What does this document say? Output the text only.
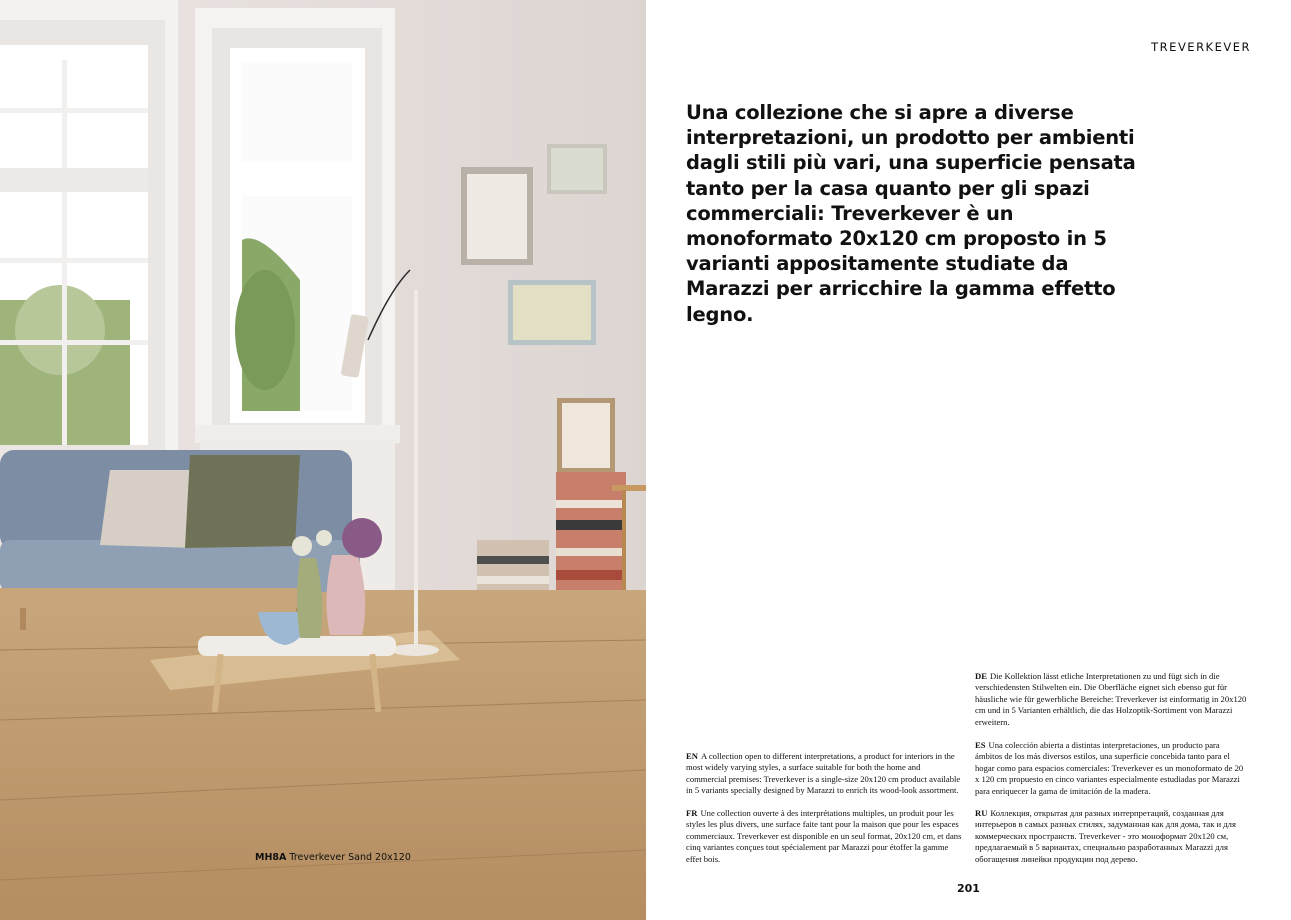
MH8A Treverkever Sand 20x120
TREVERKEVER

Una collezione che si apre a diverse interpretazioni, un prodotto per ambienti dagli stili più vari, una superficie pensata tanto per la casa quanto per gli spazi commerciali: Treverkever è un monoformato 20x120 cm proposto in 5 varianti appositamente studiate da Marazzi per arricchire la gamma effetto legno.

DE Die Kollektion lässt etliche Interpretationen zu und fügt sich in die verschiedensten Stilwelten ein. Die Oberfläche eignet sich ebenso gut für häusliche wie für gewerbliche Bereiche: Treverkever ist einformatig in 20x120 cm und in 5 Varianten erhältlich, die das Holzoptik-Sortiment von Marazzi erweitern.

ES Una colección abierta a distintas interpretaciones, un producto para ámbitos de los más diversos estilos, una superficie concebida tanto para el hogar como para espacios comerciales: Treverkever es un monoformato de 20 x 120 cm propuesto en cinco variantes especialmente estudiadas por Marazzi para enriquecer la gama de imitación de la madera.

EN A collection open to different interpretations, a product for interiors in the most widely varying styles, a surface suitable for both the home and commercial premises: Treverkever is a single-size 20x120 cm product available in 5 variants specially designed by Marazzi to enrich its wood-look assortment.

FR Une collection ouverte à des interprétations multiples, un produit pour les styles les plus divers, une surface faite tant pour la maison que pour les espaces commerciaux. Treverkever est disponible en un seul format, 20x120 cm, et dans cinq variantes conçues tout spécialement par Marazzi pour étoffer la gamme effet bois.

RU Коллекция, открытая для разных интерпретаций, созданная для интерьеров в самых разных стилях, задуманная как для дома, так и для коммерческих пространств. Treverkever - это моноформат 20x120 см, предлагаемый в 5 вариантах, специально разработанных Marazzi для обогащения линейки продукции под дерево.

201
